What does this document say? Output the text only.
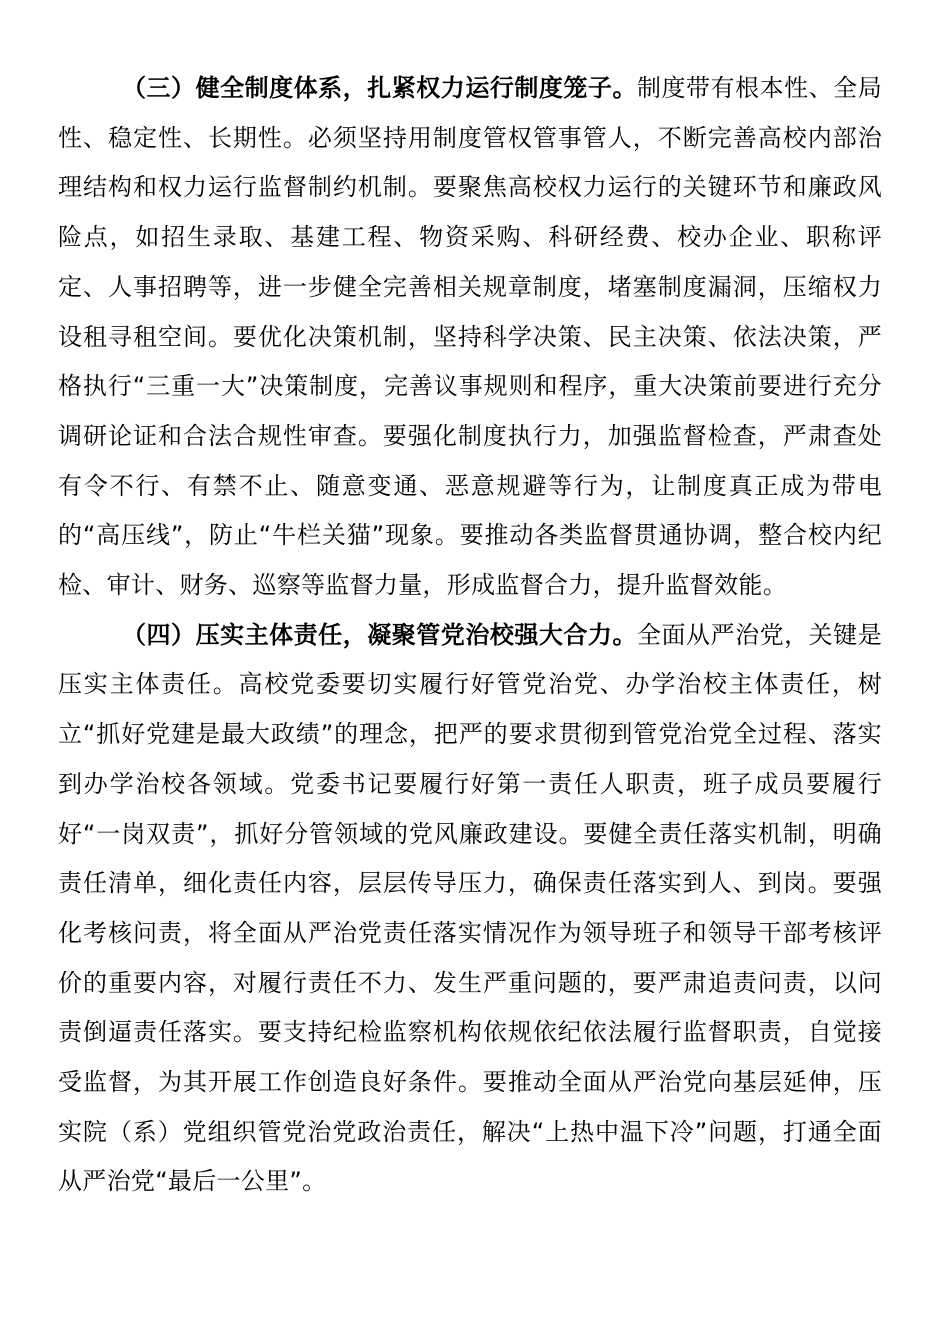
（三）健全制度体系，扎紧权力运行制度笼子。制度带有根本性、全局性、稳定性、长期性。必须坚持用制度管权管事管人，不断完善高校内部治理结构和权力运行监督制约机制。要聚焦高校权力运行的关键环节和廉政风险点，如招生录取、基建工程、物资采购、科研经费、校办企业、职称评定、人事招聘等，进一步健全完善相关规章制度，堵塞制度漏洞，压缩权力设租寻租空间。要优化决策机制，坚持科学决策、民主决策、依法决策，严格执行“三重一大”决策制度，完善议事规则和程序，重大决策前要进行充分调研论证和合法合规性审查。要强化制度执行力，加强监督检查，严肃查处有令不行、有禁不止、随意变通、恶意规避等行为，让制度真正成为带电的“高压线”，防止“牛栏关猫”现象。要推动各类监督贯通协调，整合校内纪检、审计、财务、巡察等监督力量，形成监督合力，提升监督效能。

（四）压实主体责任，凝聚管党治校强大合力。全面从严治党，关键是压实主体责任。高校党委要切实履行好管党治党、办学治校主体责任，树立“抓好党建是最大政绩”的理念，把严的要求贯彻到管党治党全过程、落实到办学治校各领域。党委书记要履行好第一责任人职责，班子成员要履行好“一岗双责”，抓好分管领域的党风廉政建设。要健全责任落实机制，明确责任清单，细化责任内容，层层传导压力，确保责任落实到人、到岗。要强化考核问责，将全面从严治党责任落实情况作为领导班子和领导干部考核评价的重要内容，对履行责任不力、发生严重问题的，要严肃追责问责，以问责倒逼责任落实。要支持纪检监察机构依规依纪依法履行监督职责，自觉接受监督，为其开展工作创造良好条件。要推动全面从严治党向基层延伸，压实院（系）党组织管党治党政治责任，解决“上热中温下冷”问题，打通全面从严治党“最后一公里”。
